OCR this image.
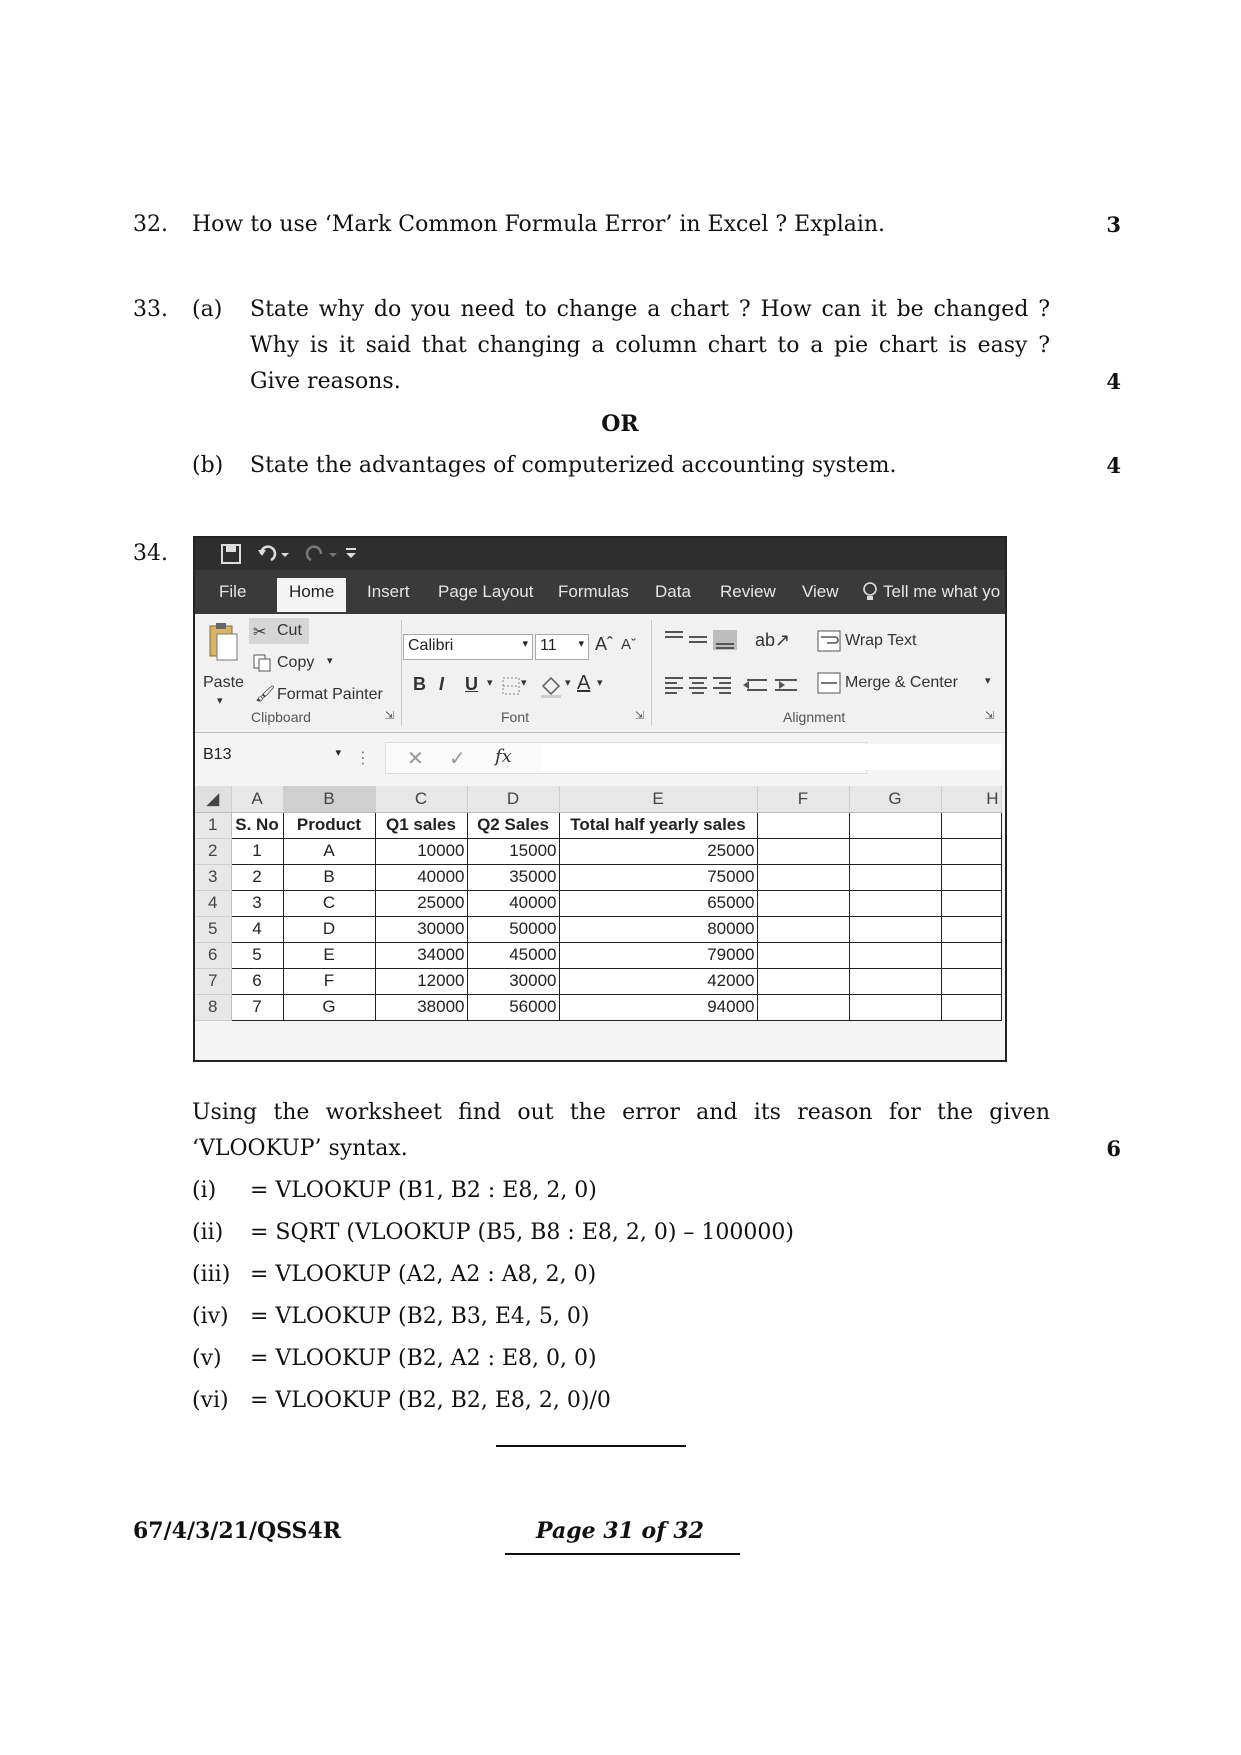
32. How to use ‘Mark Common Formula Error’ in Excel ? Explain.	3
33. (a) State why do you need to change a chart ? How can it be changed ?
Why is it said that changing a column chart to a pie chart is easy ?
Give reasons.	4
OR
(b) State the advantages of computerized accounting system.	4
34.
File	Home	Insert Page Layout Formulas Data Review View	Tell me what yo
Paste
▾
✂ Cut
Copy ▾
🖌 Format Painter
Clipboard	⇲
Calibri	▾ 11 ▾ Aˆ Aˇ
B I U ▾	▾	▾ A ▾
Font	⇲
ab↗	Wrap Text
Merge & Center ▾
Alignment	⇲
B13	▾ ⋮ ✕ ✓ fx
◢	A	B	C	D	E	F	G	H
1	S. No	Product	Q1 sales	Q2 Sales	Total half yearly sales			
2	1	A	10000	15000	25000			
3	2	B	40000	35000	75000			
4	3	C	25000	40000	65000			
5	4	D	30000	50000	80000			
6	5	E	34000	45000	79000			
7	6	F	12000	30000	42000			
8	7	G	38000	56000	94000			
Using the worksheet find out the error and its reason for the given
‘VLOOKUP’ syntax.	6
(i) = VLOOKUP (B1, B2 : E8, 2, 0)
(ii) = SQRT (VLOOKUP (B5, B8 : E8, 2, 0) – 100000)
(iii) = VLOOKUP (A2, A2 : A8, 2, 0)
(iv) = VLOOKUP (B2, B3, E4, 5, 0)
(v) = VLOOKUP (B2, A2 : E8, 0, 0)
(vi) = VLOOKUP (B2, B2, E8, 2, 0)/0
67/4/3/21/QSS4R	Page 31 of 32
